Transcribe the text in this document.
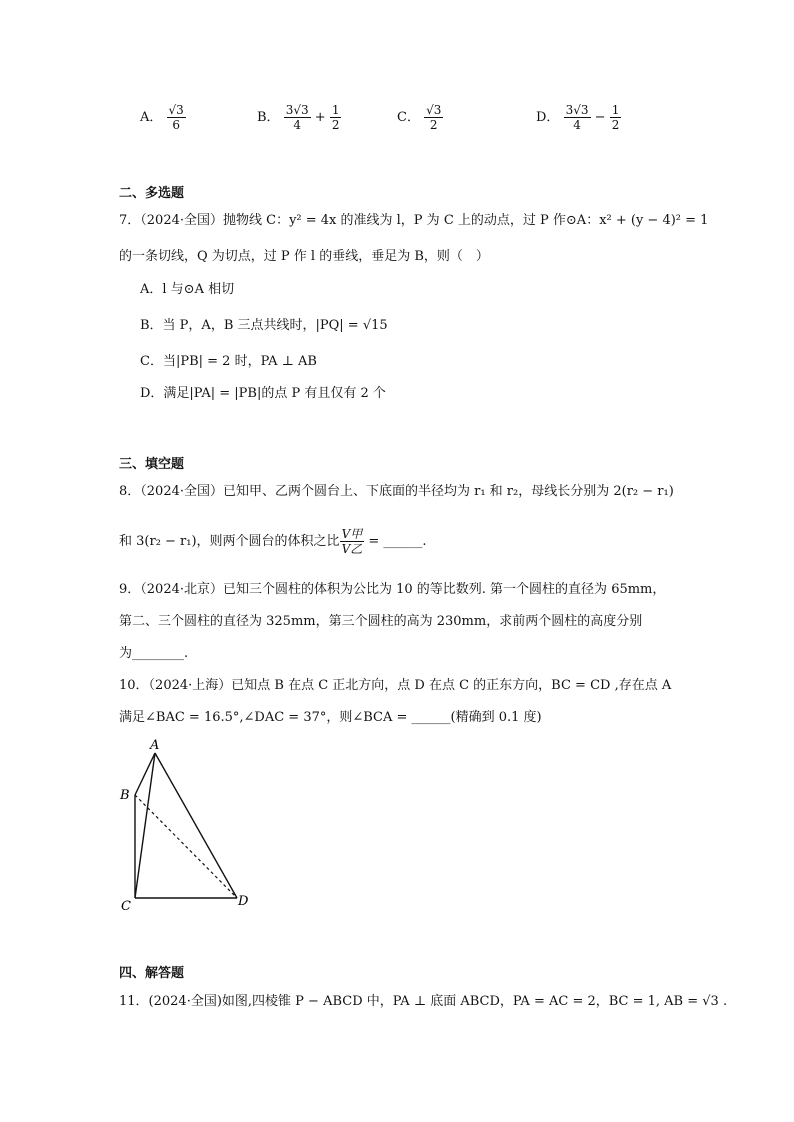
A． $\frac{√3}{6}$	B． $\frac{3√3}{4} + \frac{1}{2}$	C． $\frac{√3}{2}$	D． $\frac{3√3}{4} - \frac{1}{2}$
二、多选题
7．（2024·全国）抛物线 C：y² = 4x 的准线为 l，P 为 C 上的动点，过 P 作⊙A：x² + (y − 4)² = 1
的一条切线，Q 为切点，过 P 作 l 的垂线，垂足为 B，则（　）
A．l 与⊙A 相切
B．当 P，A，B 三点共线时，|PQ| = √15
C．当|PB| = 2 时，PA ⊥ AB
D．满足|PA| = |PB|的点 P 有且仅有 2 个
三、填空题
8．（2024·全国）已知甲、乙两个圆台上、下底面的半径均为 r₁ 和 r₂，母线长分别为 2(r₂ − r₁)
和 3(r₂ − r₁)，则两个圆台的体积之比 $\frac{\text{V甲}}{\text{V乙}}$ = ______.
9．（2024·北京）已知三个圆柱的体积为公比为 10 的等比数列. 第一个圆柱的直径为 65mm，
第二、三个圆柱的直径为 325mm，第三个圆柱的高为 230mm，求前两个圆柱的高度分别
为________.
10．（2024·上海）已知点 B 在点 C 正北方向，点 D 在点 C 的正东方向，BC = CD ,存在点 A
满足∠BAC = 16.5°,∠DAC = 37°，则∠BCA = ______(精确到 0.1 度)
A
B
C	D
四、解答题
11．(2024·全国)如图,四棱锥 P − ABCD 中，PA ⊥ 底面 ABCD，PA = AC = 2，BC = 1, AB = √3 .
